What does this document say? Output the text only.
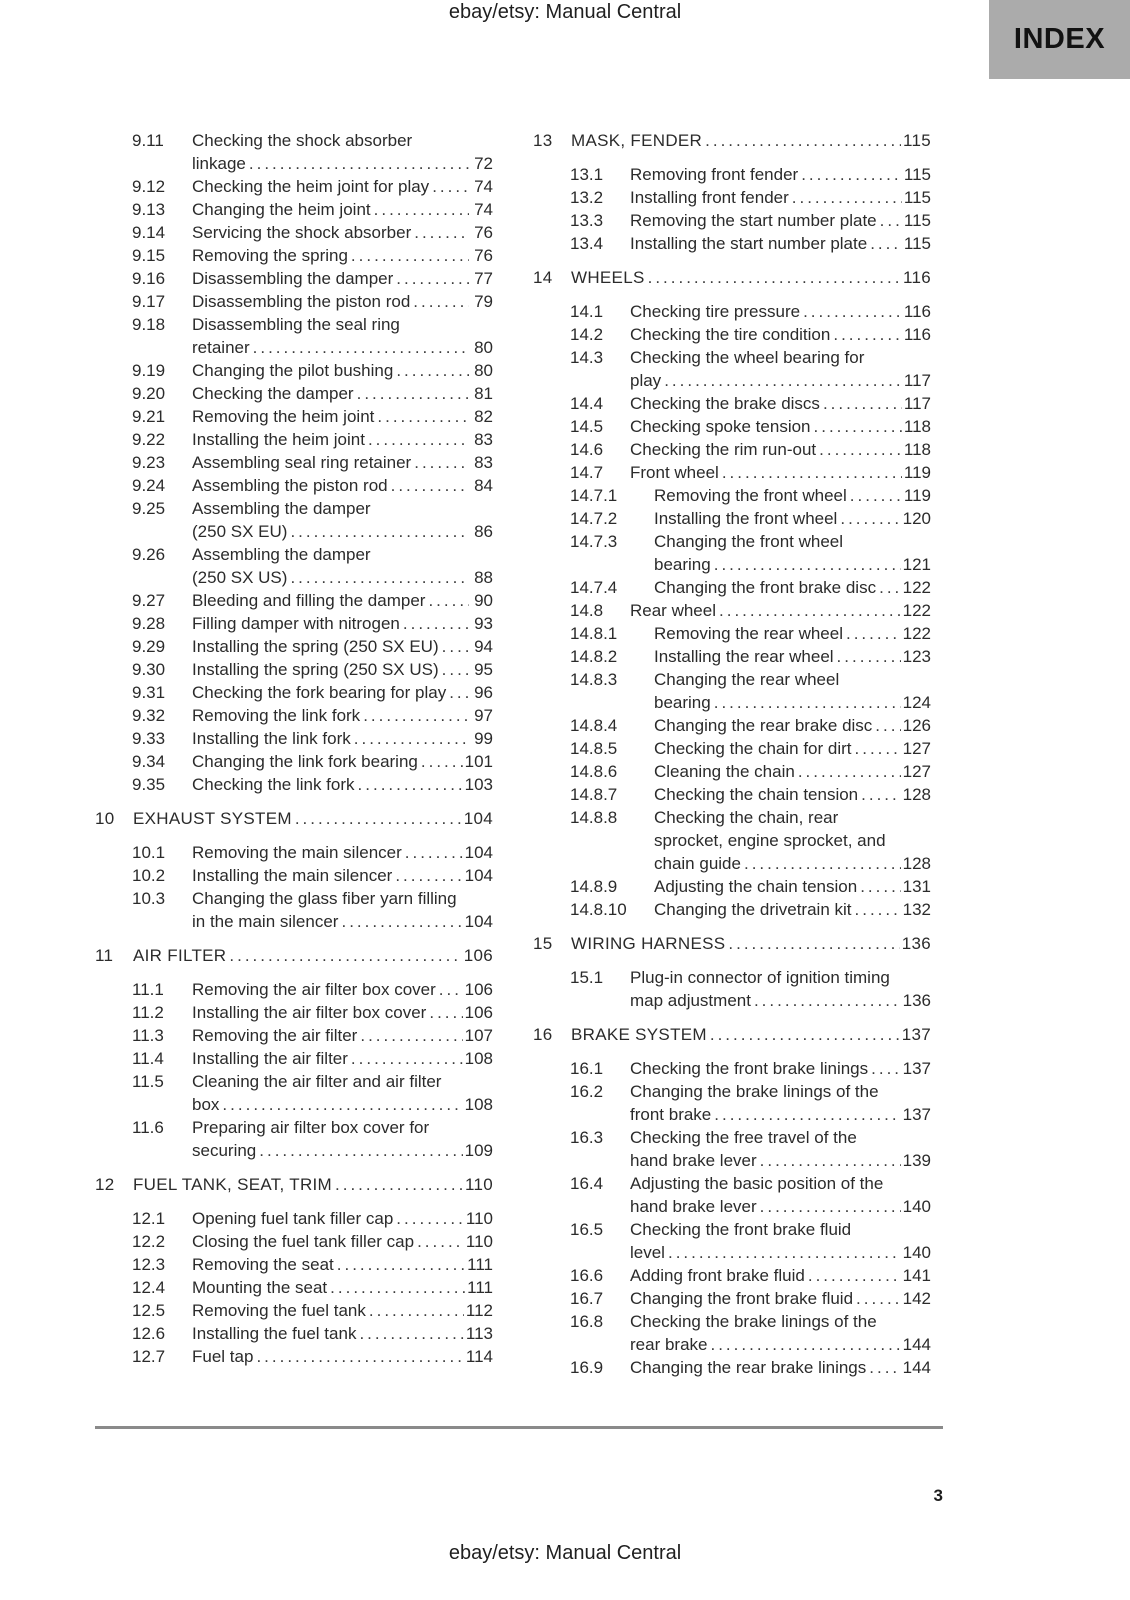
ebay/etsy: Manual Central
INDEX
9.11	Checking the shock absorber
linkage .....	72
9.12	Checking the heim joint for play .....	74
9.13	Changing the heim joint .....	74
9.14	Servicing the shock absorber .....	76
9.15	Removing the spring .....	76
9.16	Disassembling the damper .....	77
9.17	Disassembling the piston rod .....	79
9.18	Disassembling the seal ring
retainer .....	80
9.19	Changing the pilot bushing .....	80
9.20	Checking the damper .....	81
9.21	Removing the heim joint .....	82
9.22	Installing the heim joint .....	83
9.23	Assembling seal ring retainer .....	83
9.24	Assembling the piston rod .....	84
9.25	Assembling the damper
(250 SX EU) .....	86
9.26	Assembling the damper
(250 SX US) .....	88
9.27	Bleeding and filling the damper .....	90
9.28	Filling damper with nitrogen .....	93
9.29	Installing the spring (250 SX EU) ..... 94
9.30	Installing the spring (250 SX US) ..... 95
9.31	Checking the fork bearing for play ..... 96
9.32	Removing the link fork .....	97
9.33	Installing the link fork .....	99
9.34	Changing the link fork bearing .....	101
9.35	Checking the link fork .....	103
10	EXHAUST SYSTEM .....	104
10.1	Removing the main silencer .....	104
10.2	Installing the main silencer .....	104
10.3	Changing the glass fiber yarn filling
in the main silencer .....	104
11	AIR FILTER .....	106
11.1	Removing the air filter box cover ..... 106
11.2	Installing the air filter box cover ..... 106
11.3	Removing the air filter .....	107
11.4	Installing the air filter .....	108
11.5	Cleaning the air filter and air filter
box .....	108
11.6	Preparing air filter box cover for
securing .....	109
12	FUEL TANK, SEAT, TRIM .....	110
12.1	Opening fuel tank filler cap .....	110
12.2	Closing the fuel tank filler cap .....	110
12.3	Removing the seat .....	111
12.4	Mounting the seat .....	111
12.5	Removing the fuel tank .....	112
12.6	Installing the fuel tank .....	113
12.7	Fuel tap .....	114
13	MASK, FENDER .....	115
13.1	Removing front fender .....	115
13.2	Installing front fender .....	115
13.3	Removing the start number plate ..... 115
13.4	Installing the start number plate ..... 115
14	WHEELS .....	116
14.1	Checking tire pressure .....	116
14.2	Checking the tire condition .....	116
14.3	Checking the wheel bearing for
play .....	117
14.4	Checking the brake discs .....	117
14.5	Checking spoke tension .....	118
14.6	Checking the rim run-out .....	118
14.7	Front wheel .....	119
14.7.1	Removing the front wheel .....	119
14.7.2	Installing the front wheel .....	120
14.7.3	Changing the front wheel
bearing .....	121
14.7.4	Changing the front brake disc ..... 122
14.8	Rear wheel .....	122
14.8.1	Removing the rear wheel .....	122
14.8.2	Installing the rear wheel .....	123
14.8.3	Changing the rear wheel
bearing .....	124
14.8.4	Changing the rear brake disc ..... 126
14.8.5	Checking the chain for dirt .....	127
14.8.6	Cleaning the chain .....	127
14.8.7	Checking the chain tension .....	128
14.8.8	Checking the chain, rear
sprocket, engine sprocket, and
chain guide .....	128
14.8.9	Adjusting the chain tension .....	131
14.8.10	Changing the drivetrain kit .....	132
15	WIRING HARNESS .....	136
15.1	Plug-in connector of ignition timing
map adjustment .....	136
16	BRAKE SYSTEM .....	137
16.1	Checking the front brake linings ..... 137
16.2	Changing the brake linings of the
front brake .....	137
16.3	Checking the free travel of the
hand brake lever .....	139
16.4	Adjusting the basic position of the
hand brake lever .....	140
16.5	Checking the front brake fluid
level .....	140
16.6	Adding front brake fluid .....	141
16.7	Changing the front brake fluid .....	142
16.8	Checking the brake linings of the
rear brake .....	144
16.9	Changing the rear brake linings ..... 144
3
ebay/etsy: Manual Central
